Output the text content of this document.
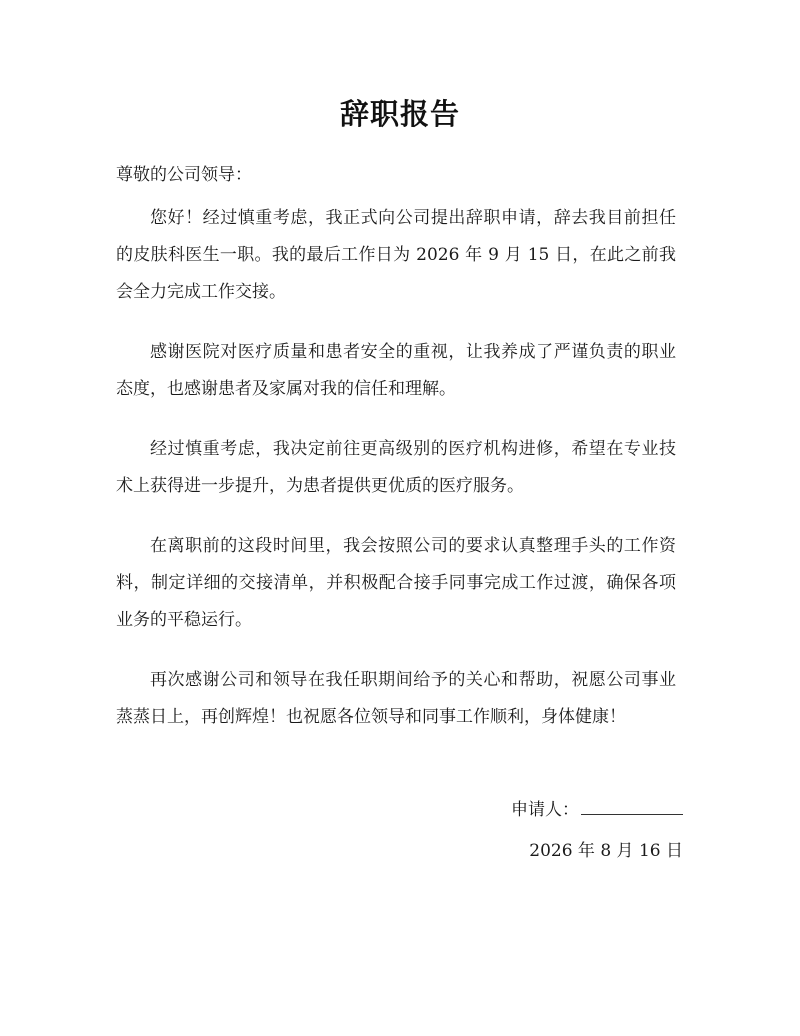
辞职报告
尊敬的公司领导：

您好！经过慎重考虑，我正式向公司提出辞职申请，辞去我目前担任的皮肤科医生一职。我的最后工作日为 2026 年 9 月 15 日，在此之前我会全力完成工作交接。

感谢医院对医疗质量和患者安全的重视，让我养成了严谨负责的职业态度，也感谢患者及家属对我的信任和理解。

经过慎重考虑，我决定前往更高级别的医疗机构进修，希望在专业技术上获得进一步提升，为患者提供更优质的医疗服务。

在离职前的这段时间里，我会按照公司的要求认真整理手头的工作资料，制定详细的交接清单，并积极配合接手同事完成工作过渡，确保各项业务的平稳运行。

再次感谢公司和领导在我任职期间给予的关心和帮助，祝愿公司事业蒸蒸日上，再创辉煌！也祝愿各位领导和同事工作顺利，身体健康！

申请人：
2026 年 8 月 16 日
